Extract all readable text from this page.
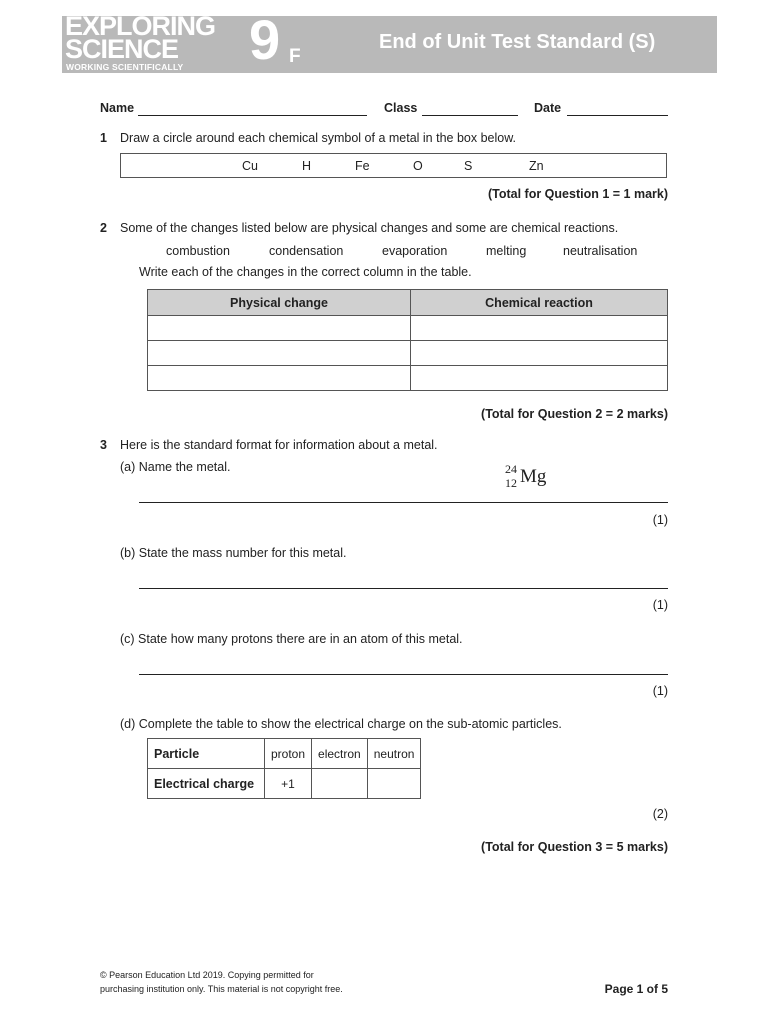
EXPLORING
SCIENCE
WORKING SCIENTIFICALLY 9 F
End of Unit Test Standard (S)
Name	Class	Date
1 Draw a circle around each chemical symbol of a metal in the box below.
Cu	H	Fe	O	S	Zn
(Total for Question 1 = 1 mark)
2 Some of the changes listed below are physical changes and some are chemical reactions.
combustion	condensation	evaporation	melting	neutralisation
Write each of the changes in the correct column in the table.
Physical change	Chemical reaction

(Total for Question 2 = 2 marks)
3 Here is the standard format for information about a metal.
(a) Name the metal.	24
12 Mg
(1)
(b) State the mass number for this metal.
(1)
(c) State how many protons there are in an atom of this metal.
(1)
(d) Complete the table to show the electrical charge on the sub-atomic particles.
Particle	proton	electron	neutron
Electrical charge	+1		
(2)
(Total for Question 3 = 5 marks)
© Pearson Education Ltd 2019. Copying permitted for
purchasing institution only. This material is not copyright free.	Page 1 of 5
